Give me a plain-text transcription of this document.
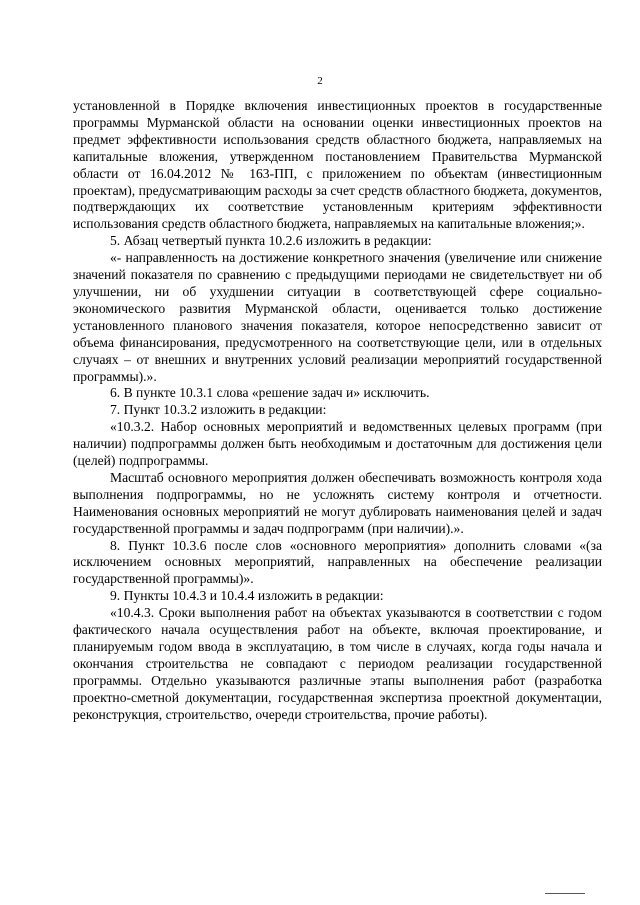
2

установленной в Порядке включения инвестиционных проектов в государственные программы Мурманской области на основании оценки инвестиционных проектов на предмет эффективности использования средств областного бюджета, направляемых на капитальные вложения, утвержденном постановлением Правительства Мурманской области от 16.04.2012 № 163-ПП, с приложением по объектам (инвестиционным проектам), предусматривающим расходы за счет средств областного бюджета, документов, подтверждающих их соответствие установленным критериям эффективности использования средств областного бюджета, направляемых на капитальные вложения;».

5. Абзац четвертый пункта 10.2.6 изложить в редакции:

«- направленность на достижение конкретного значения (увеличение или снижение значений показателя по сравнению с предыдущими периодами не свидетельствует ни об улучшении, ни об ухудшении ситуации в соответствующей сфере социально-экономического развития Мурманской области, оценивается только достижение установленного планового значения показателя, которое непосредственно зависит от объема финансирования, предусмотренного на соответствующие цели, или в отдельных случаях – от внешних и внутренних условий реализации мероприятий государственной программы).».

6. В пункте 10.3.1 слова «решение задач и» исключить.

7. Пункт 10.3.2 изложить в редакции:

«10.3.2. Набор основных мероприятий и ведомственных целевых программ (при наличии) подпрограммы должен быть необходимым и достаточным для достижения цели (целей) подпрограммы.

Масштаб основного мероприятия должен обеспечивать возможность контроля хода выполнения подпрограммы, но не усложнять систему контроля и отчетности. Наименования основных мероприятий не могут дублировать наименования целей и задач государственной программы и задач подпрограмм (при наличии).».

8. Пункт 10.3.6 после слов «основного мероприятия» дополнить словами «(за исключением основных мероприятий, направленных на обеспечение реализации государственной программы)».

9. Пункты 10.4.3 и 10.4.4 изложить в редакции:

«10.4.3. Сроки выполнения работ на объектах указываются в соответствии с годом фактического начала осуществления работ на объекте, включая проектирование, и планируемым годом ввода в эксплуатацию, в том числе в случаях, когда годы начала и окончания строительства не совпадают с периодом реализации государственной программы. Отдельно указываются различные этапы выполнения работ (разработка проектно-сметной документации, государственная экспертиза проектной документации, реконструкция, строительство, очереди строительства, прочие работы).
